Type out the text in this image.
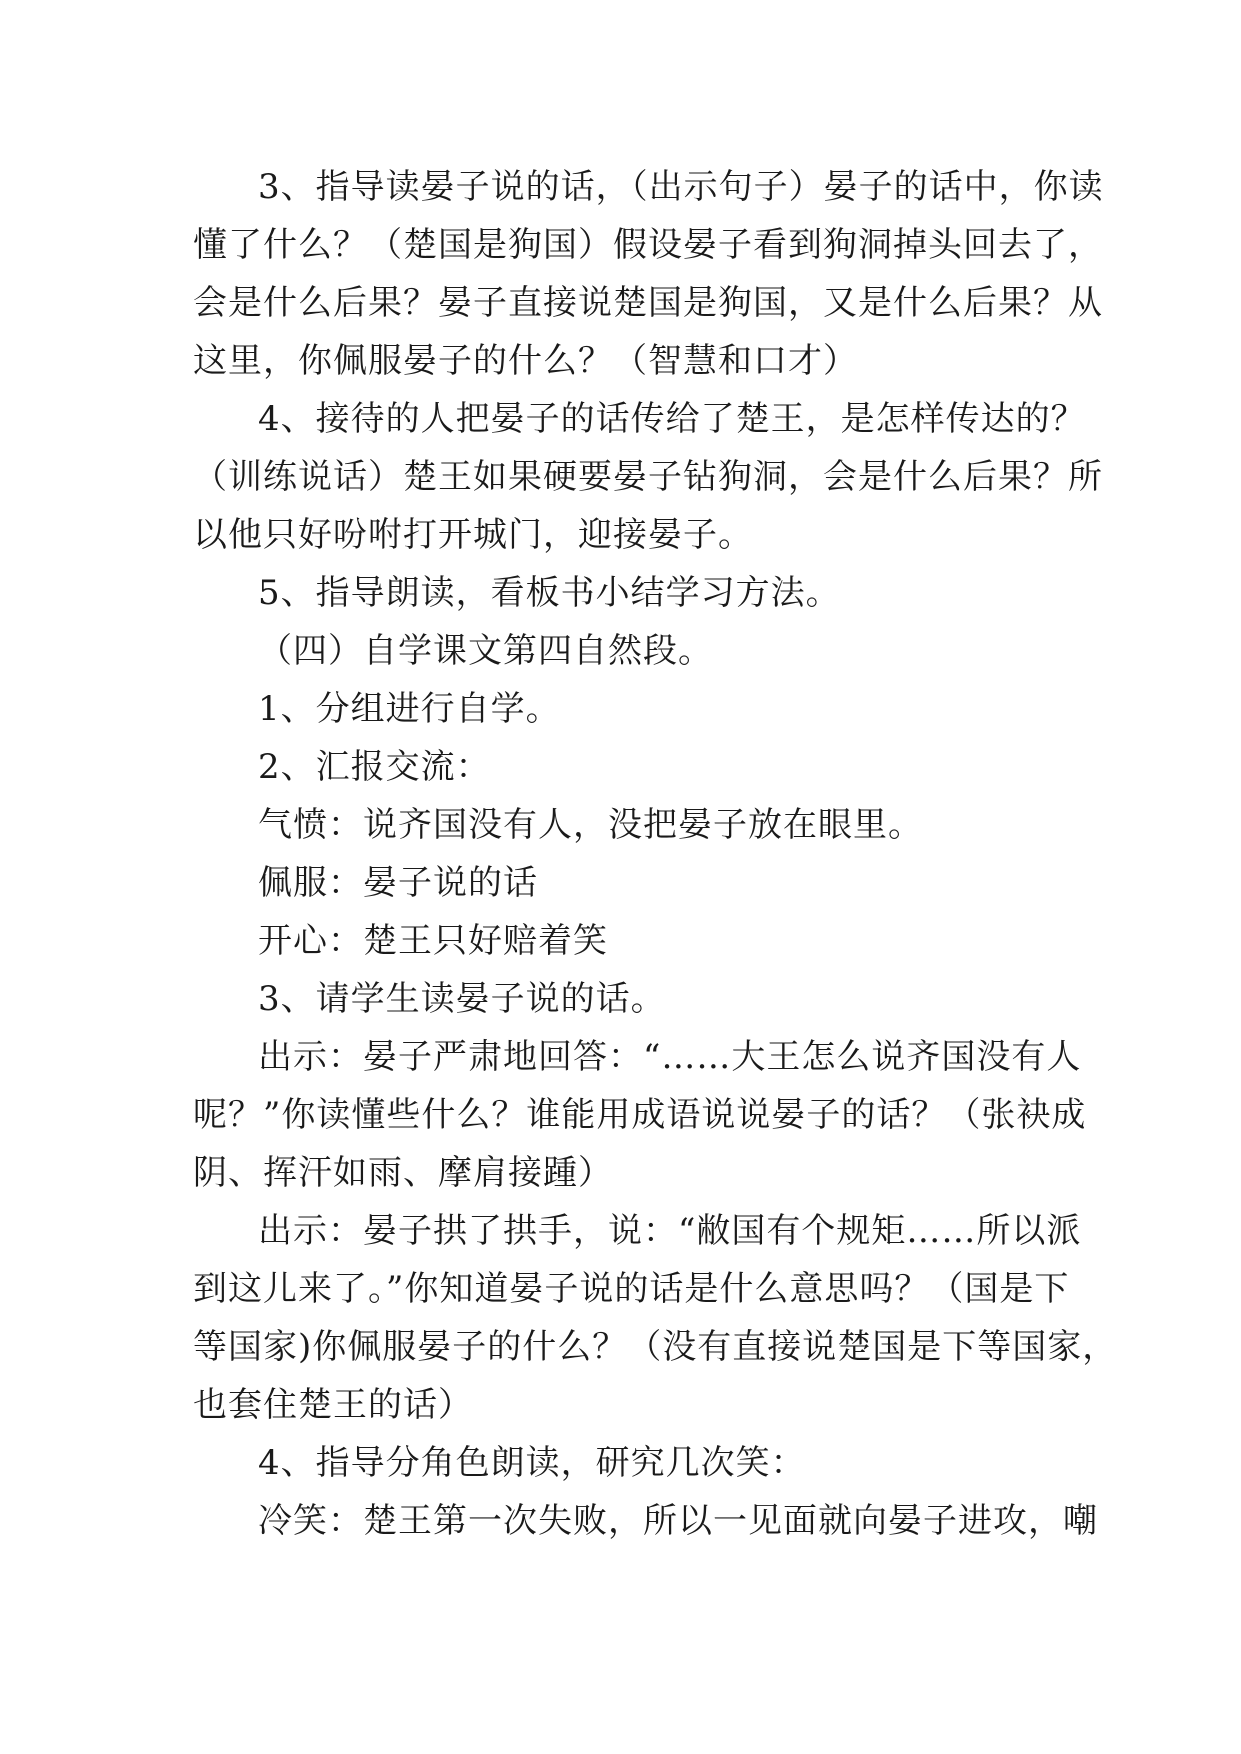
3、指导读晏子说的话，（出示句子）晏子的话中，你读
懂了什么？（楚国是狗国）假设晏子看到狗洞掉头回去了，
会是什么后果？晏子直接说楚国是狗国，又是什么后果？从
这里，你佩服晏子的什么？（智慧和口才）
4、接待的人把晏子的话传给了楚王，是怎样传达的？
（训练说话）楚王如果硬要晏子钻狗洞，会是什么后果？所
以他只好吩咐打开城门，迎接晏子。
5、指导朗读，看板书小结学习方法。
（四）自学课文第四自然段。
1、分组进行自学。
2、汇报交流：
气愤：说齐国没有人，没把晏子放在眼里。
佩服：晏子说的话
开心：楚王只好赔着笑
3、请学生读晏子说的话。
出示：晏子严肃地回答：“……大王怎么说齐国没有人
呢？”你读懂些什么？谁能用成语说说晏子的话？（张袂成
阴、挥汗如雨、摩肩接踵）
出示：晏子拱了拱手，说：“敝国有个规矩……所以派
到这儿来了。”你知道晏子说的话是什么意思吗？（国是下
等国家)你佩服晏子的什么？（没有直接说楚国是下等国家，
也套住楚王的话）
4、指导分角色朗读，研究几次笑：
冷笑：楚王第一次失败，所以一见面就向晏子进攻，嘲
